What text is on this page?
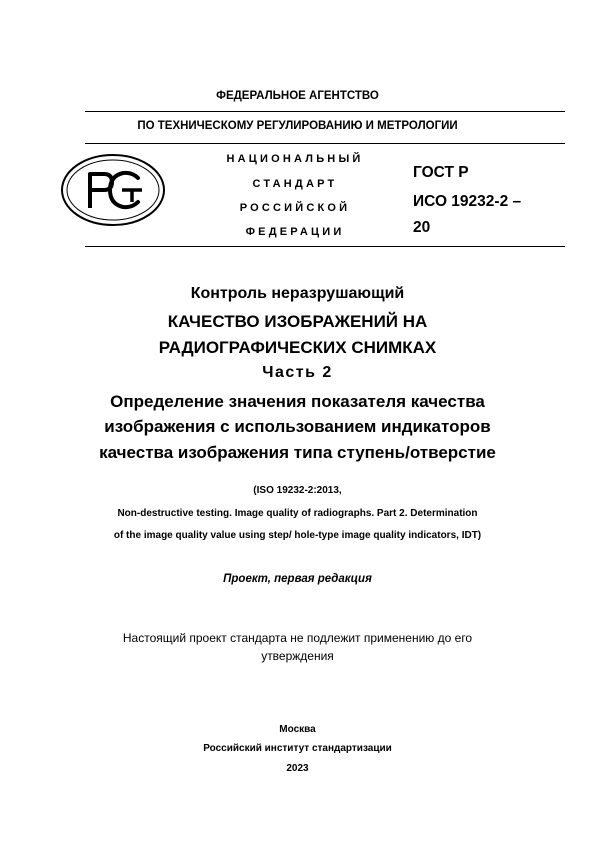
ФЕДЕРАЛЬНОЕ АГЕНТСТВО
ПО ТЕХНИЧЕСКОМУ РЕГУЛИРОВАНИЮ И МЕТРОЛОГИИ
НАЦИОНАЛЬНЫЙ
СТАНДАРТ
РОССИЙСКОЙ
ФЕДЕРАЦИИ
ГОСТ Р
ИСО 19232-2 –
20
Контроль неразрушающий
КАЧЕСТВО ИЗОБРАЖЕНИЙ НА
РАДИОГРАФИЧЕСКИХ СНИМКАХ
Часть 2
Определение значения показателя качества
изображения с использованием индикаторов
качества изображения типа ступень/отверстие
(ISO 19232-2:2013,
Non-destructive testing. Image quality of radiographs. Part 2. Determination
of the image quality value using step/ hole-type image quality indicators, IDT)
Проект, первая редакция
Настоящий проект стандарта не подлежит применению до его
утверждения
Москва
Российский институт стандартизации
2023
